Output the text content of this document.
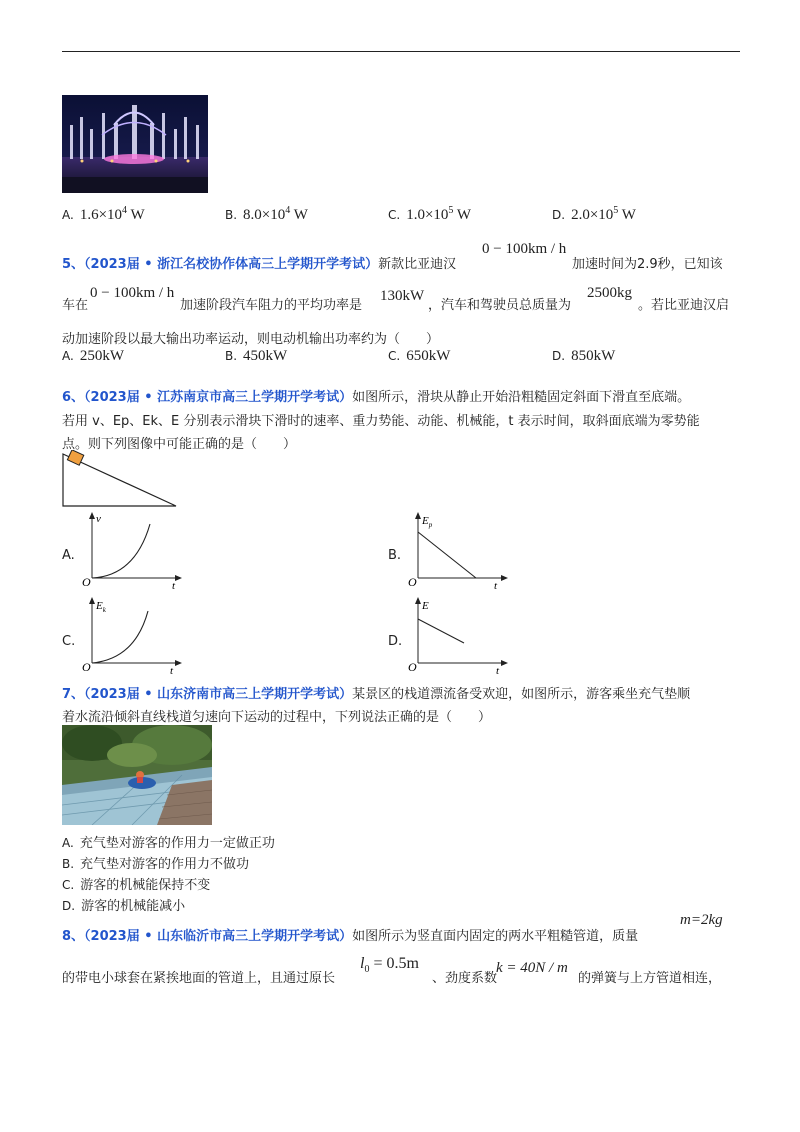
A. $1.6\times 10^4$ W	B. $8.0\times 10^4$ W	C. $1.0\times 10^5$ W	D. $2.0\times 10^5$ W
5、（2023届 • 浙江名校协作体高三上学期开学考试）新款比亚迪汉
0 − 100km / h
加速时间为2.9秒，已知该
车在
0 − 100km / h
加速阶段汽车阻力的平均功率是
130kW
，汽车和驾驶员总质量为
2500kg
。若比亚迪汉启
动加速阶段以最大输出功率运动，则电动机输出功率约为（　　）
A. 250kW	B. 450kW	C. 650kW	D. 850kW
6、（2023届 • 江苏南京市高三上学期开学考试）如图所示，滑块从静止开始沿粗糙固定斜面下滑直至底端。
若用 v、Ep、Ek、E 分别表示滑块下滑时的速率、重力势能、动能、机械能，t 表示时间，取斜面底端为零势能
点。则下列图像中可能正确的是（　　）
A.
v
O	t
B.
$E_p$
O	t
C.
$E_k$
O	t
D.
E
O	t
7、（2023届 • 山东济南市高三上学期开学考试）某景区的栈道漂流备受欢迎，如图所示，游客乘坐充气垫顺
着水流沿倾斜直线栈道匀速向下运动的过程中，下列说法正确的是（　　）
A. 充气垫对游客的作用力一定做正功
B. 充气垫对游客的作用力不做功
C. 游客的机械能保持不变
D. 游客的机械能减小
8、（2023届 • 山东临沂市高三上学期开学考试）如图所示为竖直面内固定的两水平粗糙管道，质量
m=2kg
的带电小球套在紧挨地面的管道上，且通过原长
$l_0 = 0.5m$
、劲度系数
k = 40N / m
的弹簧与上方管道相连，
